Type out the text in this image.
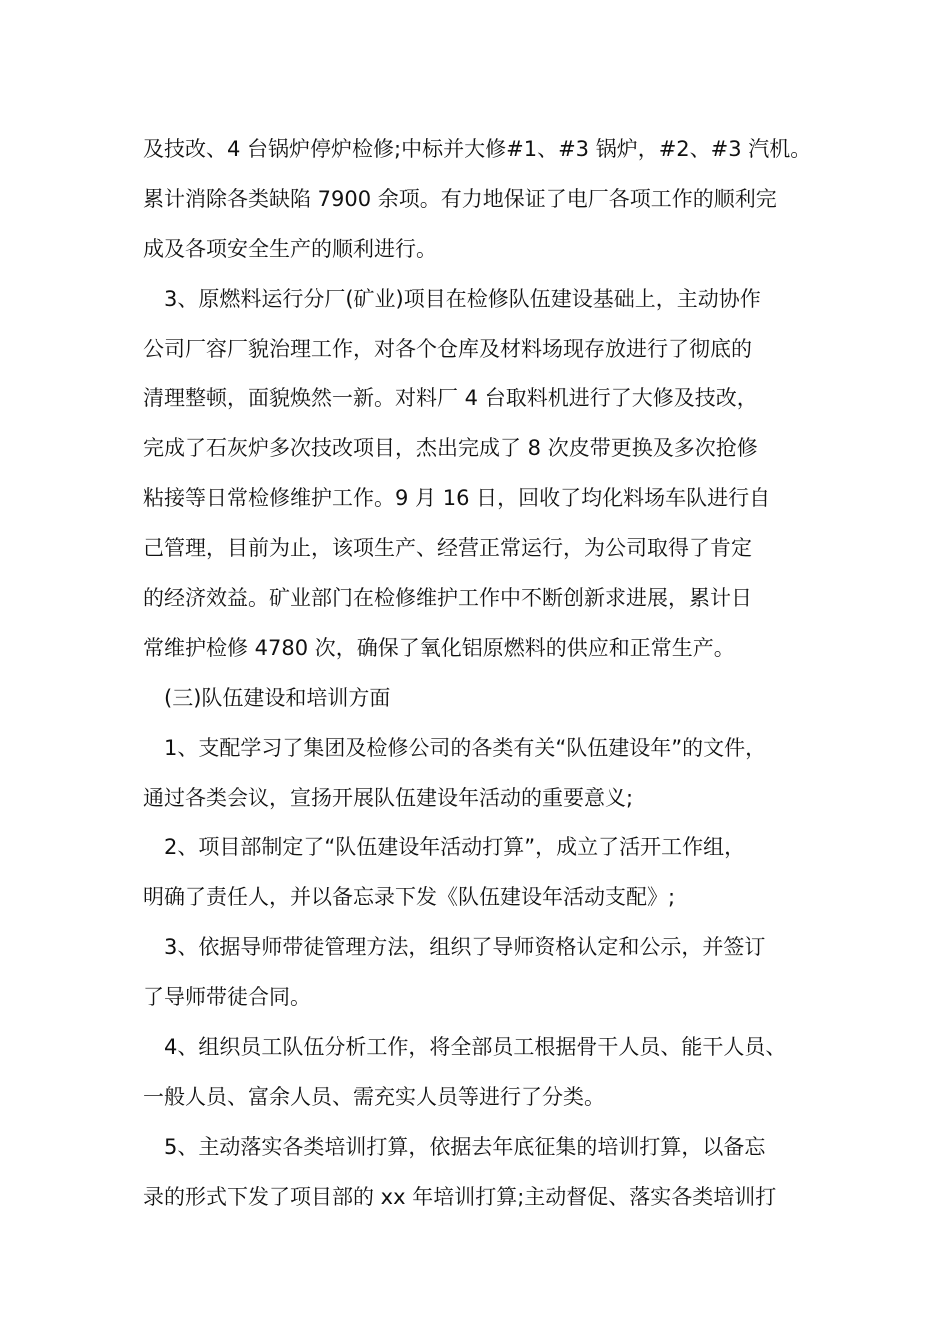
及技改、4 台锅炉停炉检修;中标并大修#1、#3 锅炉，#2、#3 汽机。
累计消除各类缺陷 7900 余项。有力地保证了电厂各项工作的顺利完
成及各项安全生产的顺利进行。
3、原燃料运行分厂(矿业)项目在检修队伍建设基础上，主动协作
公司厂容厂貌治理工作，对各个仓库及材料场现存放进行了彻底的
清理整顿，面貌焕然一新。对料厂 4 台取料机进行了大修及技改，
完成了石灰炉多次技改项目，杰出完成了 8 次皮带更换及多次抢修
粘接等日常检修维护工作。9 月 16 日，回收了均化料场车队进行自
己管理，目前为止，该项生产、经营正常运行，为公司取得了肯定
的经济效益。矿业部门在检修维护工作中不断创新求进展，累计日
常维护检修 4780 次，确保了氧化铝原燃料的供应和正常生产。
(三)队伍建设和培训方面
1、支配学习了集团及检修公司的各类有关“队伍建设年”的文件，
通过各类会议，宣扬开展队伍建设年活动的重要意义;
2、项目部制定了“队伍建设年活动打算”，成立了活开工作组，
明确了责任人，并以备忘录下发《队伍建设年活动支配》;
3、依据导师带徒管理方法，组织了导师资格认定和公示，并签订
了导师带徒合同。
4、组织员工队伍分析工作，将全部员工根据骨干人员、能干人员、
一般人员、富余人员、需充实人员等进行了分类。
5、主动落实各类培训打算，依据去年底征集的培训打算，以备忘
录的形式下发了项目部的 xx 年培训打算;主动督促、落实各类培训打
